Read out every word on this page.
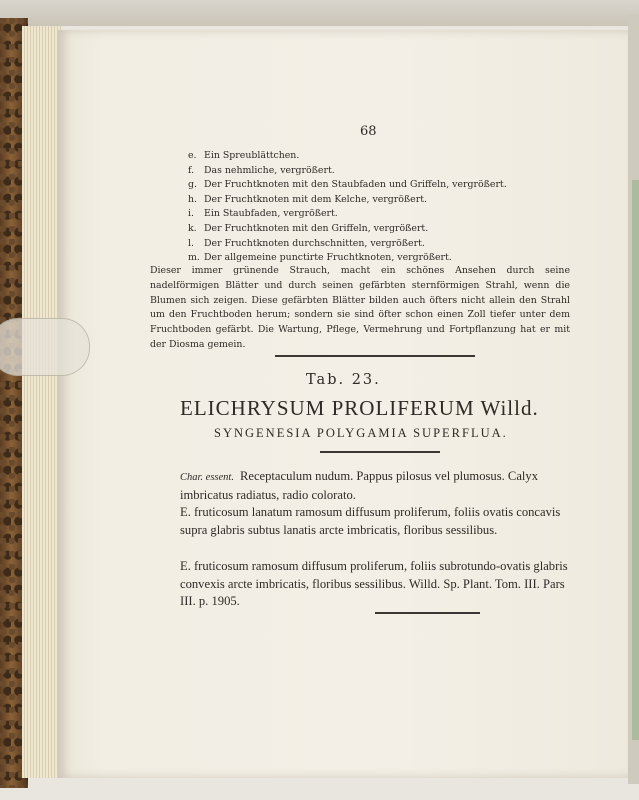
68
e. Ein Spreublättchen.
f. Das nehmliche, vergrößert.
g. Der Fruchtknoten mit den Staubfaden und Griffeln, vergrößert.
h. Der Fruchtknoten mit dem Kelche, vergrößert.
i. Ein Staubfaden, vergrößert.
k. Der Fruchtknoten mit den Griffeln, vergrößert.
l. Der Fruchtknoten durchschnitten, vergrößert.
m. Der allgemeine punctirte Fruchtknoten, vergrößert.
Dieser immer grünende Strauch, macht ein schönes Ansehen durch seine nadelförmigen Blätter und durch seinen gefärbten sternförmigen Strahl, wenn die Blumen sich zeigen. Diese gefärbten Blätter bilden auch öfters nicht allein den Strahl um den Fruchtboden herum; sondern sie sind öfter schon einen Zoll tiefer unter dem Fruchtboden gefärbt. Die Wartung, Pflege, Vermehrung und Fortpflanzung hat er mit der Diosma gemein.
Tab. 23.
ELICHRYSUM PROLIFERUM Willd.
SYNGENESIA POLYGAMIA SUPERFLUA.
Char. essent. Receptaculum nudum. Pappus pilosus vel plumosus. Calyx imbricatus radiatus, radio colorato.
E. fruticosum lanatum ramosum diffusum proliferum, foliis ovatis concavis supra glabris subtus lanatis arcte imbricatis, floribus sessilibus.
E. fruticosum ramosum diffusum proliferum, foliis subrotundo-ovatis glabris convexis arcte imbricatis, floribus sessilibus. Willd. Sp. Plant. Tom. III. Pars III. p. 1905.
